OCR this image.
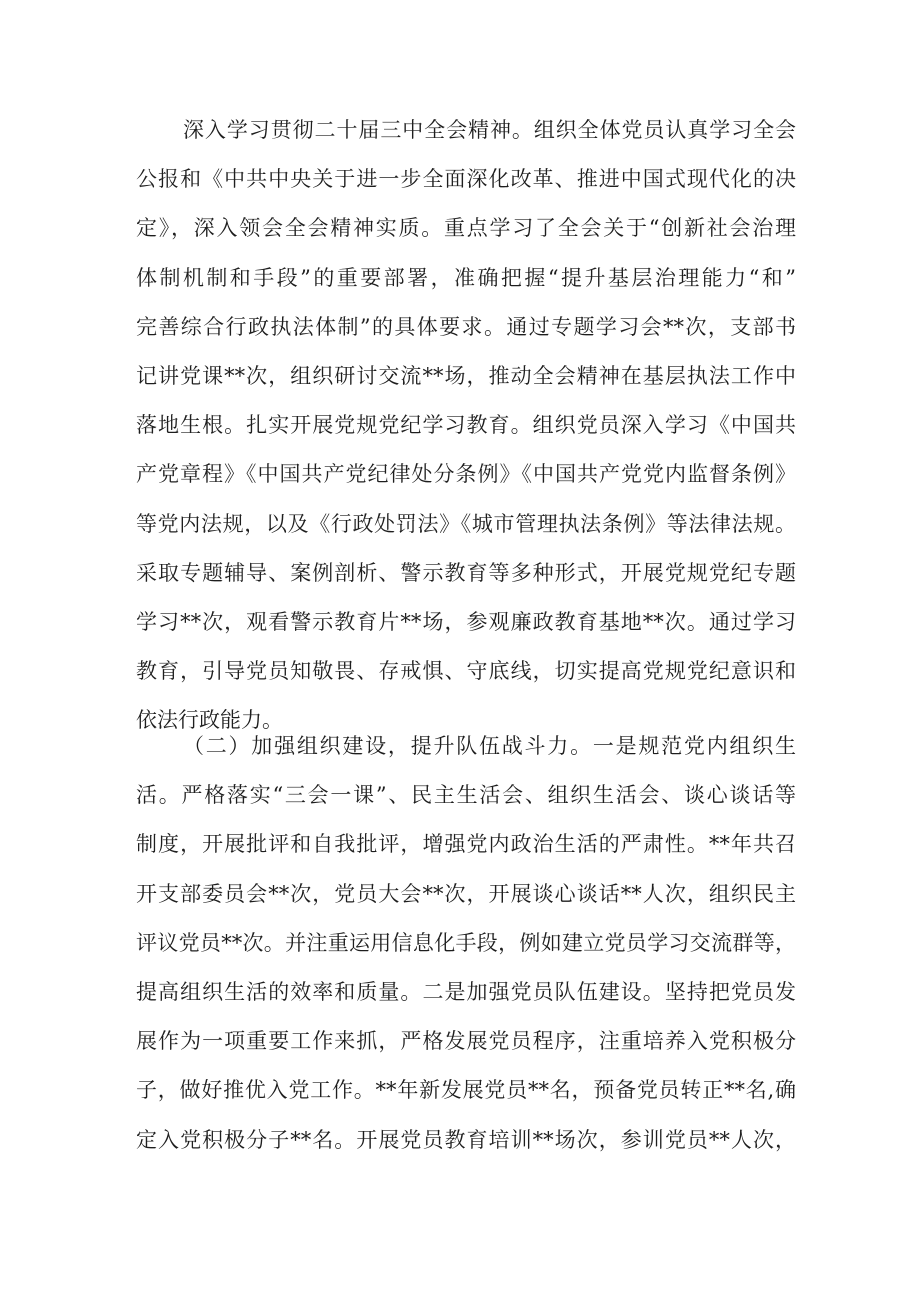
深入学习贯彻二十届三中全会精神。组织全体党员认真学习全会
公报和《中共中央关于进一步全面深化改革、推进中国式现代化的决
定》，深入领会全会精神实质。重点学习了全会关于“创新社会治理
体制机制和手段”的重要部署，准确把握“提升基层治理能力“和”
完善综合行政执法体制”的具体要求。通过专题学习会**次，支部书
记讲党课**次，组织研讨交流**场，推动全会精神在基层执法工作中
落地生根。扎实开展党规党纪学习教育。组织党员深入学习《中国共
产党章程》《中国共产党纪律处分条例》《中国共产党党内监督条例》
等党内法规，以及《行政处罚法》《城市管理执法条例》等法律法规。
采取专题辅导、案例剖析、警示教育等多种形式，开展党规党纪专题
学习**次，观看警示教育片**场，参观廉政教育基地**次。通过学习
教育，引导党员知敬畏、存戒惧、守底线，切实提高党规党纪意识和
依法行政能力。
（二）加强组织建设，提升队伍战斗力。一是规范党内组织生
活。严格落实“三会一课”、民主生活会、组织生活会、谈心谈话等
制度，开展批评和自我批评，增强党内政治生活的严肃性。**年共召
开支部委员会**次，党员大会**次，开展谈心谈话**人次，组织民主
评议党员**次。并注重运用信息化手段，例如建立党员学习交流群等，
提高组织生活的效率和质量。二是加强党员队伍建设。坚持把党员发
展作为一项重要工作来抓，严格发展党员程序，注重培养入党积极分
子，做好推优入党工作。**年新发展党员**名，预备党员转正**名,确
定入党积极分子**名。开展党员教育培训**场次，参训党员**人次，
